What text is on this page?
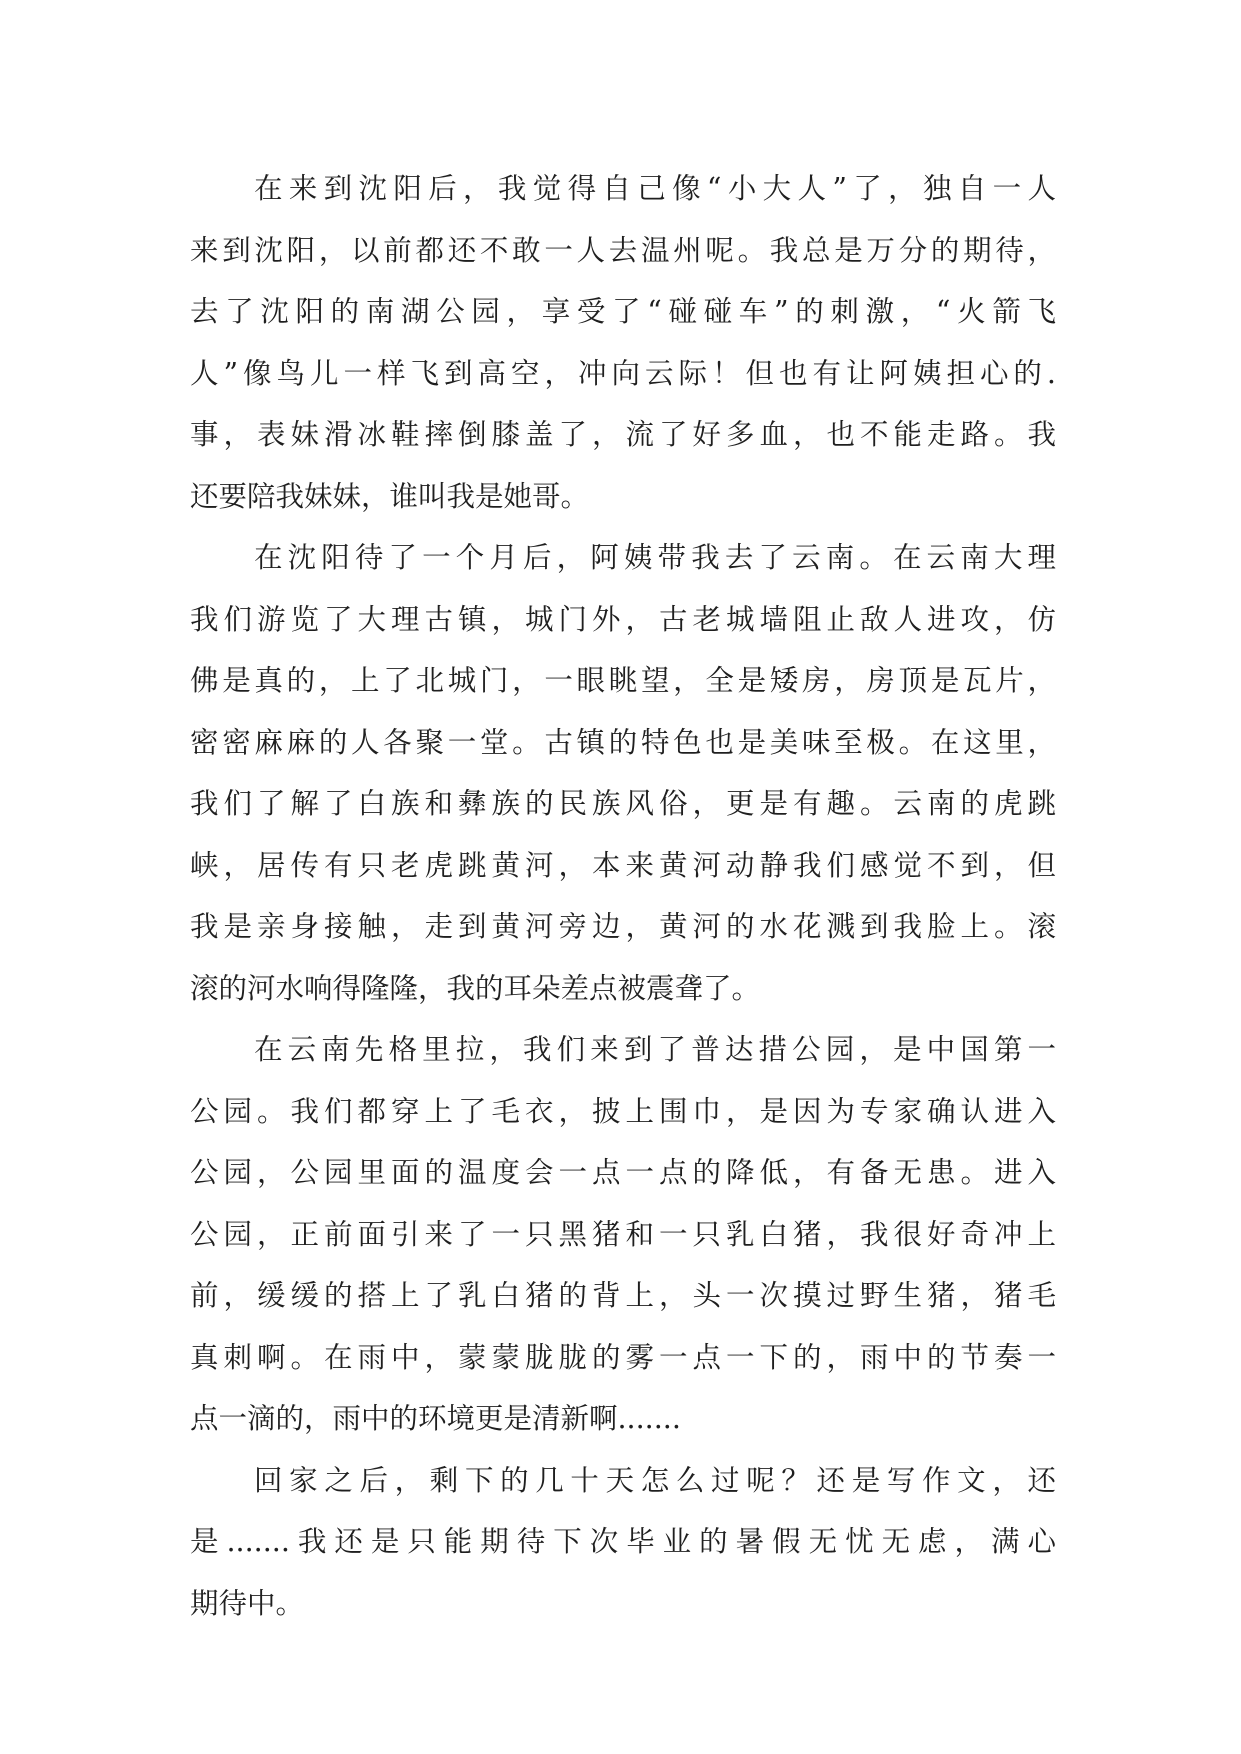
在来到沈阳后，我觉得自己像“小大人”了，独自一人
来到沈阳，以前都还不敢一人去温州呢。我总是万分的期待，
去了沈阳的南湖公园，享受了“碰碰车”的刺激，“火箭飞
人”像鸟儿一样飞到高空，冲向云际！但也有让阿姨担心的.
事，表妹滑冰鞋摔倒膝盖了，流了好多血，也不能走路。我
还要陪我妹妹，谁叫我是她哥。
在沈阳待了一个月后，阿姨带我去了云南。在云南大理
我们游览了大理古镇，城门外，古老城墙阻止敌人进攻，仿
佛是真的，上了北城门，一眼眺望，全是矮房，房顶是瓦片，
密密麻麻的人各聚一堂。古镇的特色也是美味至极。在这里，
我们了解了白族和彝族的民族风俗，更是有趣。云南的虎跳
峡，居传有只老虎跳黄河，本来黄河动静我们感觉不到，但
我是亲身接触，走到黄河旁边，黄河的水花溅到我脸上。滚
滚的河水响得隆隆，我的耳朵差点被震聋了。
在云南先格里拉，我们来到了普达措公园，是中国第一
公园。我们都穿上了毛衣，披上围巾，是因为专家确认进入
公园，公园里面的温度会一点一点的降低，有备无患。进入
公园，正前面引来了一只黑猪和一只乳白猪，我很好奇冲上
前，缓缓的搭上了乳白猪的背上，头一次摸过野生猪，猪毛
真刺啊。在雨中，蒙蒙胧胧的雾一点一下的，雨中的节奏一
点一滴的，雨中的环境更是清新啊.......
回家之后，剩下的几十天怎么过呢？还是写作文，还
是.......我还是只能期待下次毕业的暑假无忧无虑，满心
期待中。
